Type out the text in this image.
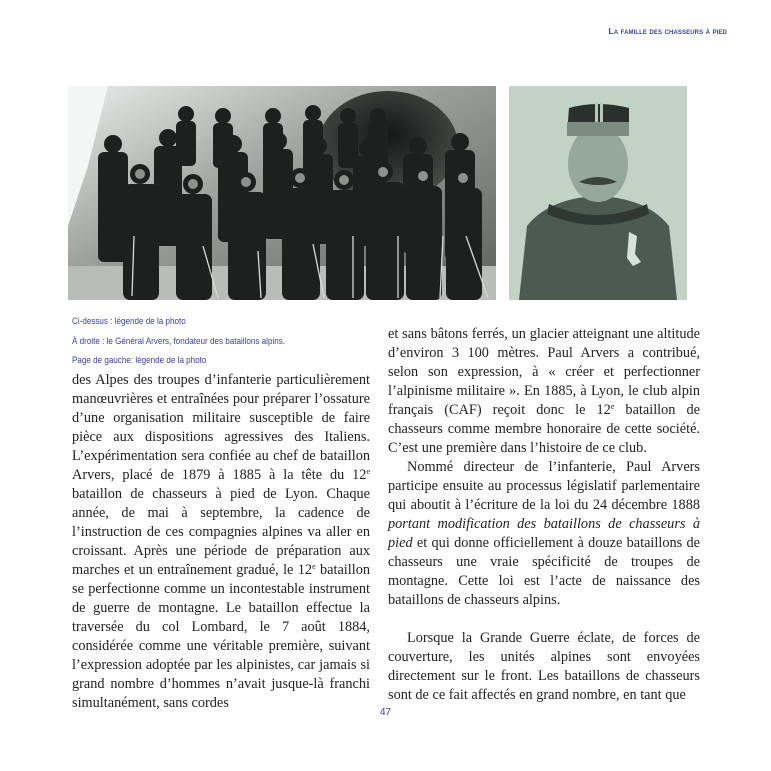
La famille des chasseurs à pied
Ci-dessus : légende de la photo
À droite : le Général Arvers, fondateur des bataillons alpins.
Page de gauche: légende de la photo

des Alpes des troupes d’infanterie particulièrement manœuvrières et entraînées pour préparer l’ossature d’une organisation militaire susceptible de faire pièce aux dispositions agressives des Italiens. L’expérimentation sera confiée au chef de bataillon Arvers, placé de 1879 à 1885 à la tête du 12e bataillon de chasseurs à pied de Lyon. Chaque année, de mai à septembre, la cadence de l’instruction de ces compagnies alpines va aller en croissant. Après une période de préparation aux marches et un entraînement gradué, le 12e bataillon se perfectionne comme un incontestable instrument de guerre de montagne. Le bataillon effectue la traversée du col Lombard, le 7 août 1884, considérée comme une véritable première, suivant l’expression adoptée par les alpinistes, car jamais si grand nombre d’hommes n’avait jusque-là franchi simultanément, sans cordes

et sans bâtons ferrés, un glacier atteignant une altitude d’environ 3 100 mètres. Paul Arvers a contribué, selon son expression, à « créer et perfectionner l’alpinisme militaire ». En 1885, à Lyon, le club alpin français (CAF) reçoit donc le 12e bataillon de chasseurs comme membre honoraire de cette société. C’est une première dans l’histoire de ce club.

Nommé directeur de l’infanterie, Paul Arvers participe ensuite au processus législatif parlementaire qui aboutit à l’écriture de la loi du 24 décembre 1888 portant modification des bataillons de chasseurs à pied et qui donne officiellement à douze bataillons de chasseurs une vraie spécificité de troupes de montagne. Cette loi est l’acte de naissance des bataillons de chasseurs alpins.

Lorsque la Grande Guerre éclate, de forces de couverture, les unités alpines sont envoyées directement sur le front. Les bataillons de chasseurs sont de ce fait affectés en grand nombre, en tant que

47
